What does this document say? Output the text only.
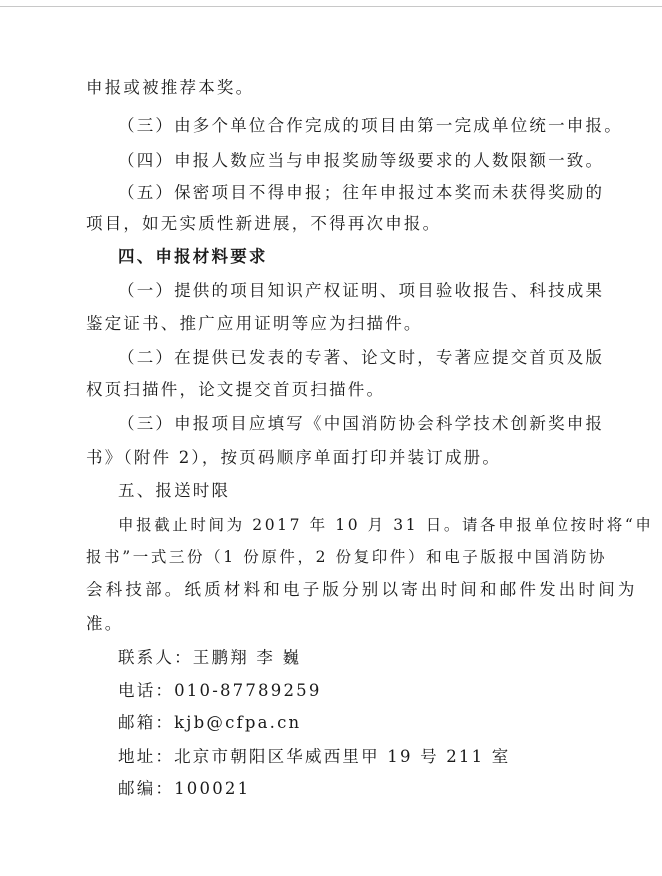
申报或被推荐本奖。
（三）由多个单位合作完成的项目由第一完成单位统一申报。
（四）申报人数应当与申报奖励等级要求的人数限额一致。
（五）保密项目不得申报；往年申报过本奖而未获得奖励的
项目，如无实质性新进展，不得再次申报。
四、申报材料要求
（一）提供的项目知识产权证明、项目验收报告、科技成果
鉴定证书、推广应用证明等应为扫描件。
（二）在提供已发表的专著、论文时，专著应提交首页及版
权页扫描件，论文提交首页扫描件。
（三）申报项目应填写《中国消防协会科学技术创新奖申报
书》（附件 2），按页码顺序单面打印并装订成册。
五、报送时限
申报截止时间为 2017 年 10 月 31 日。请各申报单位按时将“申
报书”一式三份（1 份原件，2 份复印件）和电子版报中国消防协
会科技部。纸质材料和电子版分别以寄出时间和邮件发出时间为
准。
联系人：王鹏翔 李 巍
电话：010-87789259
邮箱：kjb@cfpa.cn
地址：北京市朝阳区华威西里甲 19 号 211 室
邮编：100021
